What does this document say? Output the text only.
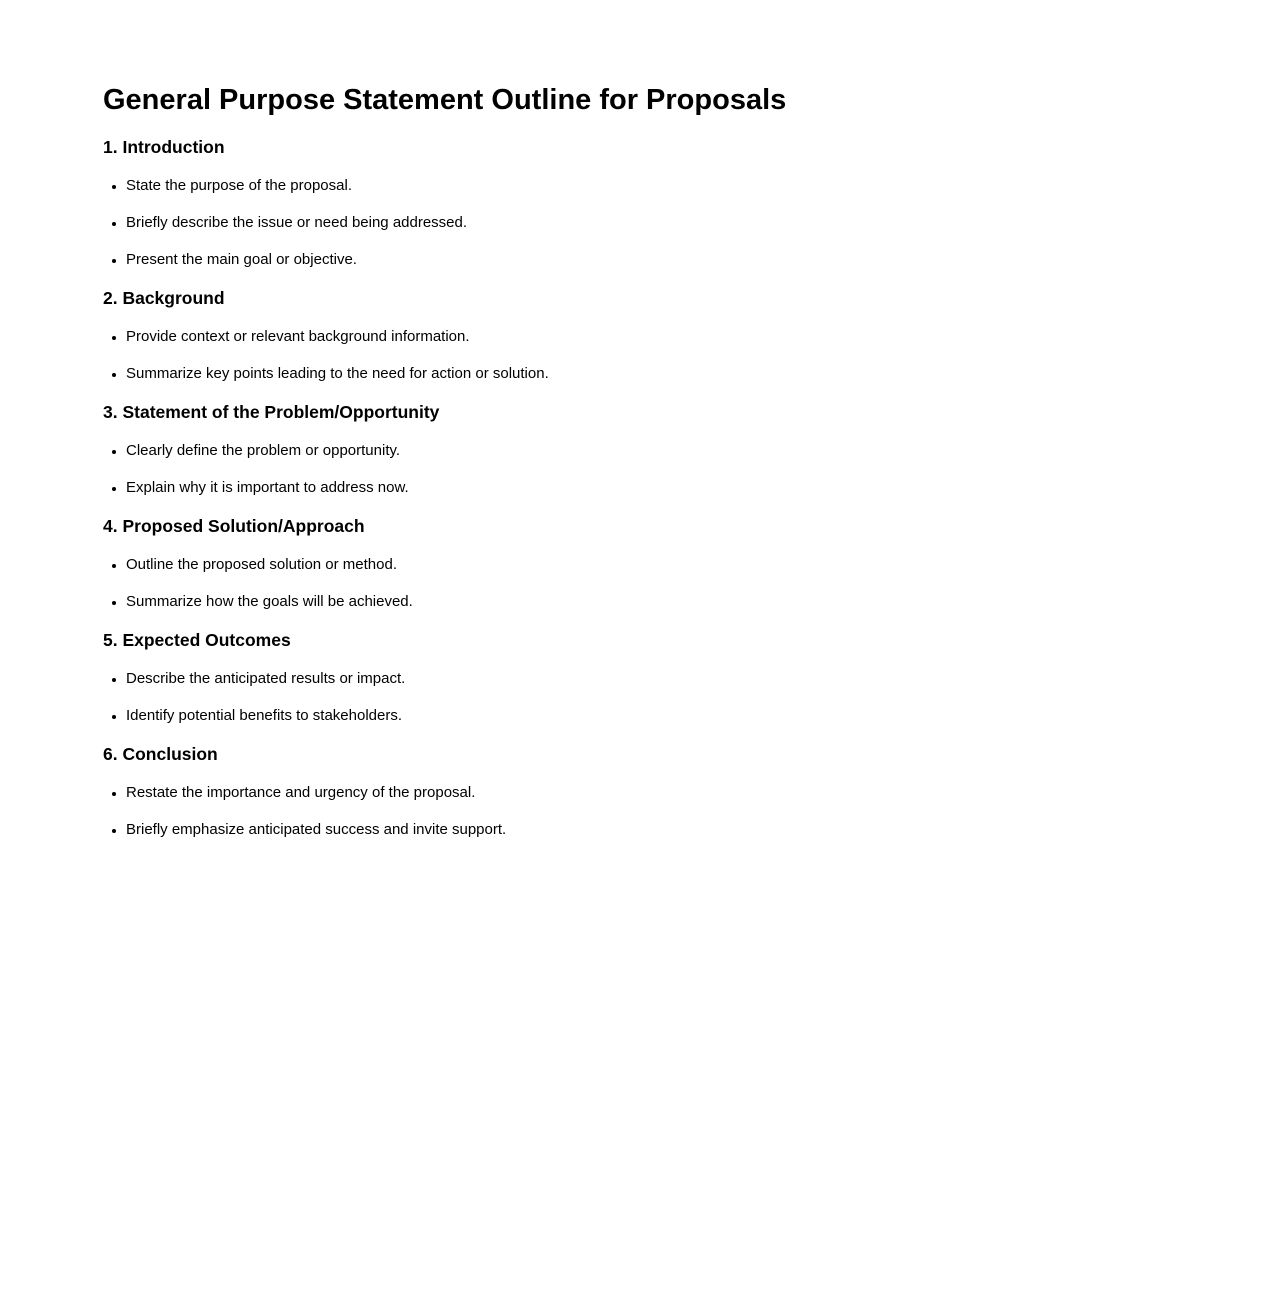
General Purpose Statement Outline for Proposals
1. Introduction
• State the purpose of the proposal.
• Briefly describe the issue or need being addressed.
• Present the main goal or objective.
2. Background
• Provide context or relevant background information.
• Summarize key points leading to the need for action or solution.
3. Statement of the Problem/Opportunity
• Clearly define the problem or opportunity.
• Explain why it is important to address now.
4. Proposed Solution/Approach
• Outline the proposed solution or method.
• Summarize how the goals will be achieved.
5. Expected Outcomes
• Describe the anticipated results or impact.
• Identify potential benefits to stakeholders.
6. Conclusion
• Restate the importance and urgency of the proposal.
• Briefly emphasize anticipated success and invite support.
